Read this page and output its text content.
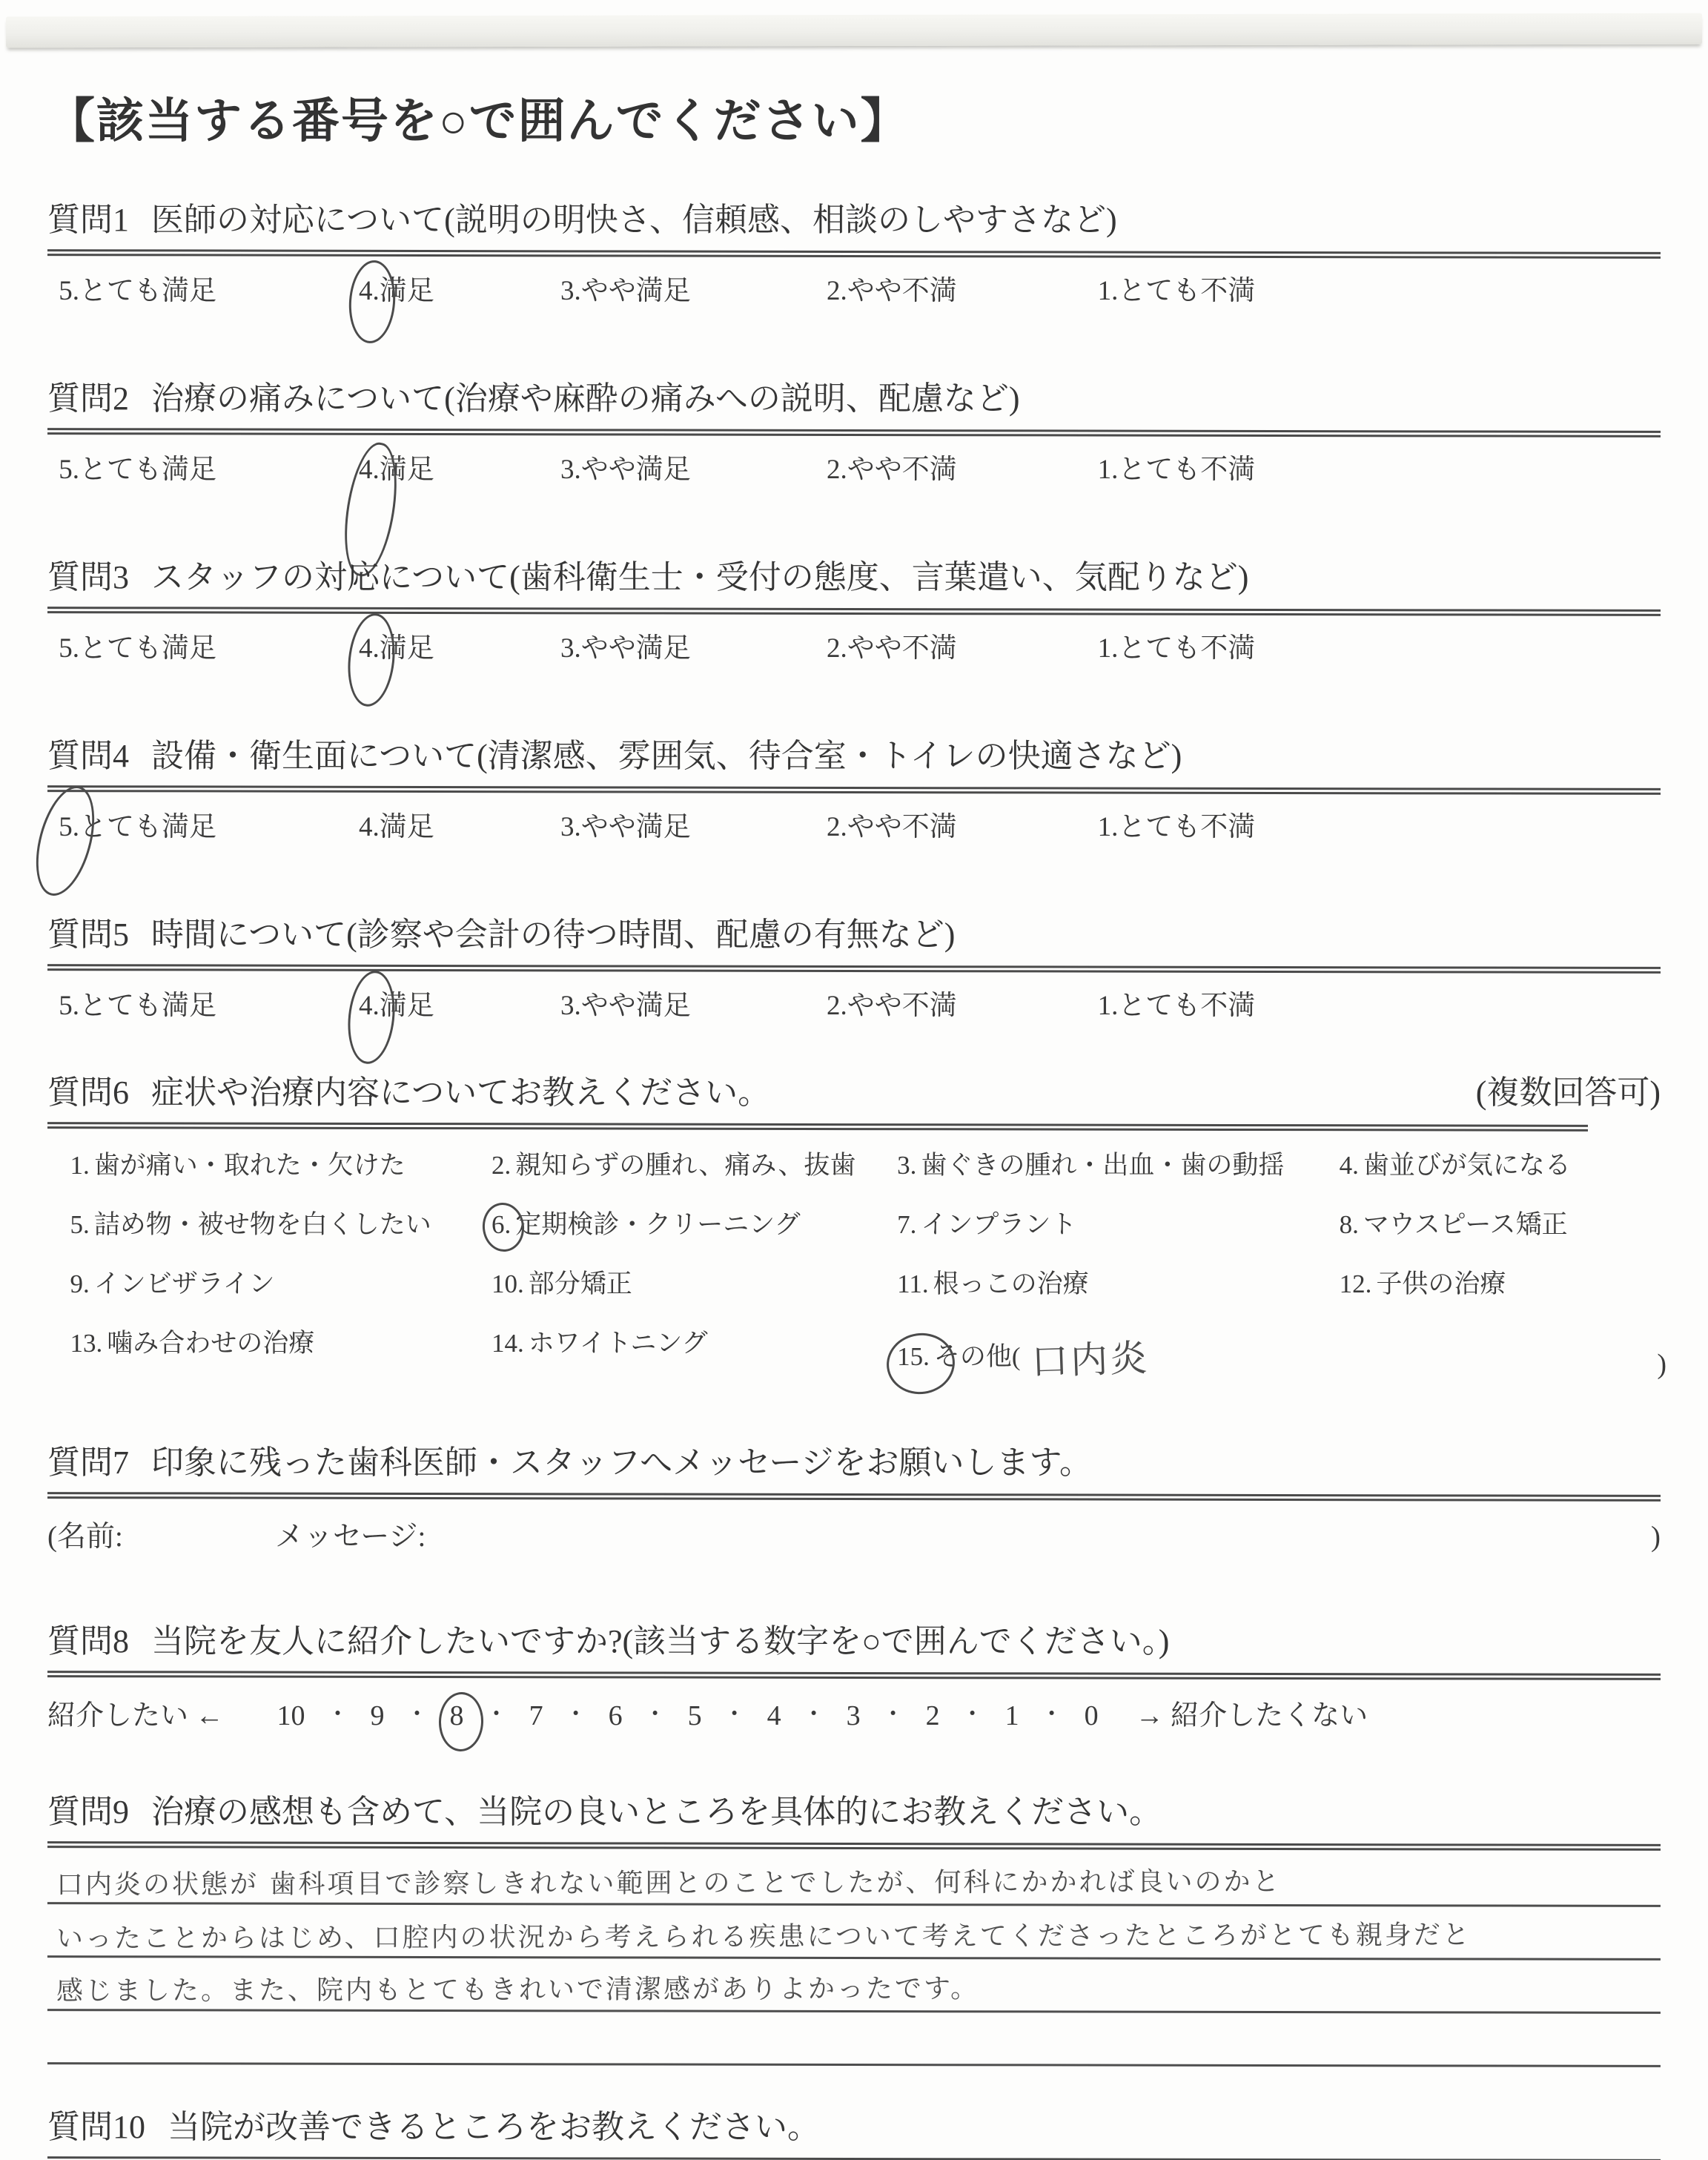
【該当する番号を○で囲んでください】
質問1 医師の対応について(説明の明快さ、信頼感、相談のしやすさなど)
5.とても満足	4.
満足	3.やや満足	2.やや不満	1.とても不満
質問2 治療の痛みについて(治療や麻酔の痛みへの説明、配慮など)
5.とても満足	4.
満足	3.やや満足	2.やや不満	1.とても不満
質問3 スタッフの対応について(歯科衛生士・受付の態度、言葉遣い、気配りなど)
5.とても満足	4.
満足	3.やや満足	2.やや不満	1.とても不満
質問4 設備・衛生面について(清潔感、雰囲気、待合室・トイレの快適さなど)
5.
とても満足	4.満足	3.やや満足	2.やや不満	1.とても不満
質問5 時間について(診察や会計の待つ時間、配慮の有無など)
5.とても満足	4.
満足	3.やや満足	2.やや不満	1.とても不満
質問6 症状や治療内容についてお教えください。	(複数回答可)
)
1. 歯が痛い・取れた・欠けた	2. 親知らずの腫れ、痛み、抜歯	3. 歯ぐきの腫れ・出血・歯の動揺	4. 歯並びが気になる
5. 詰め物・被せ物を白くしたい	6. 定期検診・クリーニング	7. インプラント	8. マウスピース矯正
9. インビザライン	10. 部分矯正	11. 根っこの治療	12. 子供の治療
13. 噛み合わせの治療	14. ホワイトニング	15. その他( 口内炎
質問7 印象に残った歯科医師・スタッフへメッセージをお願いします。
(名前:	メッセージ:	)
質問8 当院を友人に紹介したいですか?(該当する数字を○で囲んでください。)
紹介したい ←	10 ・ 9 ・ 8 ・ 7 ・ 6 ・ 5 ・ 4 ・ 3 ・ 2 ・ 1 ・ 0	→ 紹介したくない
質問9 治療の感想も含めて、当院の良いところを具体的にお教えください。
口内炎の状態が 歯科項目で診察しきれない範囲とのことでしたが、何科にかかれば良いのかと
いったことからはじめ、口腔内の状況から考えられる疾患について考えてくださったところがとても親身だと
感じました。また、院内もとてもきれいで清潔感がありよかったです。
質問10 当院が改善できるところをお教えください。
